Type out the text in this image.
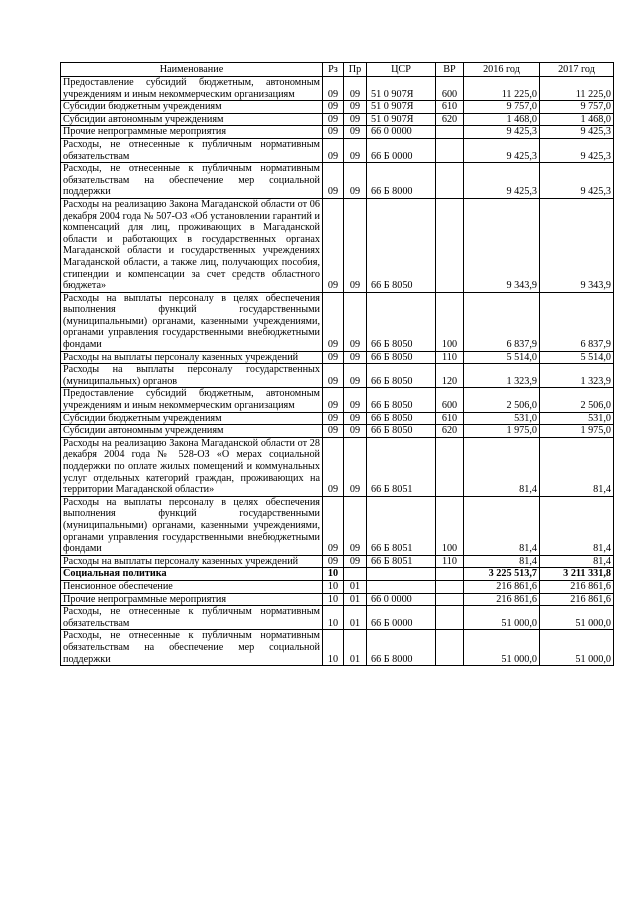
Наименование	Рз	Пр	ЦСР	ВР	2016 год	2017 год
Предоставление субсидий бюджетным, автономным учреждениям и иным некоммерческим организациям	09	09	51 0 907Я	600	11 225,0	11 225,0
Субсидии бюджетным учреждениям	09	09	51 0 907Я	610	9 757,0	9 757,0
Субсидии автономным учреждениям	09	09	51 0 907Я	620	1 468,0	1 468,0
Прочие непрограммные мероприятия	09	09	66 0 0000		9 425,3	9 425,3
Расходы, не отнесенные к публичным нормативным обязательствам	09	09	66 Б 0000		9 425,3	9 425,3
Расходы, не отнесенные к публичным нормативным обязательствам на обеспечение мер социальной поддержки	09	09	66 Б 8000		9 425,3	9 425,3
Расходы на реализацию Закона Магаданской области от 06 декабря 2004 года № 507-ОЗ «Об установлении гарантий и компенсаций для лиц, проживающих в Магаданской области и работающих в государственных органах Магаданской области и государственных учреждениях Магаданской области, а также лиц, получающих пособия, стипендии и компенсации за счет средств областного бюджета»	09	09	66 Б 8050		9 343,9	9 343,9
Расходы на выплаты персоналу в целях обеспечения выполнения функций государственными (муниципальными) органами, казенными учреждениями, органами управления государственными внебюджетными фондами	09	09	66 Б 8050	100	6 837,9	6 837,9
Расходы на выплаты персоналу казенных учреждений	09	09	66 Б 8050	110	5 514,0	5 514,0
Расходы на выплаты персоналу государственных (муниципальных) органов	09	09	66 Б 8050	120	1 323,9	1 323,9
Предоставление субсидий бюджетным, автономным учреждениям и иным некоммерческим организациям	09	09	66 Б 8050	600	2 506,0	2 506,0
Субсидии бюджетным учреждениям	09	09	66 Б 8050	610	531,0	531,0
Субсидии автономным учреждениям	09	09	66 Б 8050	620	1 975,0	1 975,0
Расходы на реализацию Закона Магаданской области от 28 декабря 2004 года № 528-ОЗ «О мерах социальной поддержки по оплате жилых помещений и коммунальных услуг отдельных категорий граждан, проживающих на территории Магаданской области»	09	09	66 Б 8051		81,4	81,4
Расходы на выплаты персоналу в целях обеспечения выполнения функций государственными (муниципальными) органами, казенными учреждениями, органами управления государственными внебюджетными фондами	09	09	66 Б 8051	100	81,4	81,4
Расходы на выплаты персоналу казенных учреждений	09	09	66 Б 8051	110	81,4	81,4
Социальная политика	10				3 225 513,7	3 211 331,8
Пенсионное обеспечение	10	01			216 861,6	216 861,6
Прочие непрограммные мероприятия	10	01	66 0 0000		216 861,6	216 861,6
Расходы, не отнесенные к публичным нормативным обязательствам	10	01	66 Б 0000		51 000,0	51 000,0
Расходы, не отнесенные к публичным нормативным обязательствам на обеспечение мер социальной поддержки	10	01	66 Б 8000		51 000,0	51 000,0
